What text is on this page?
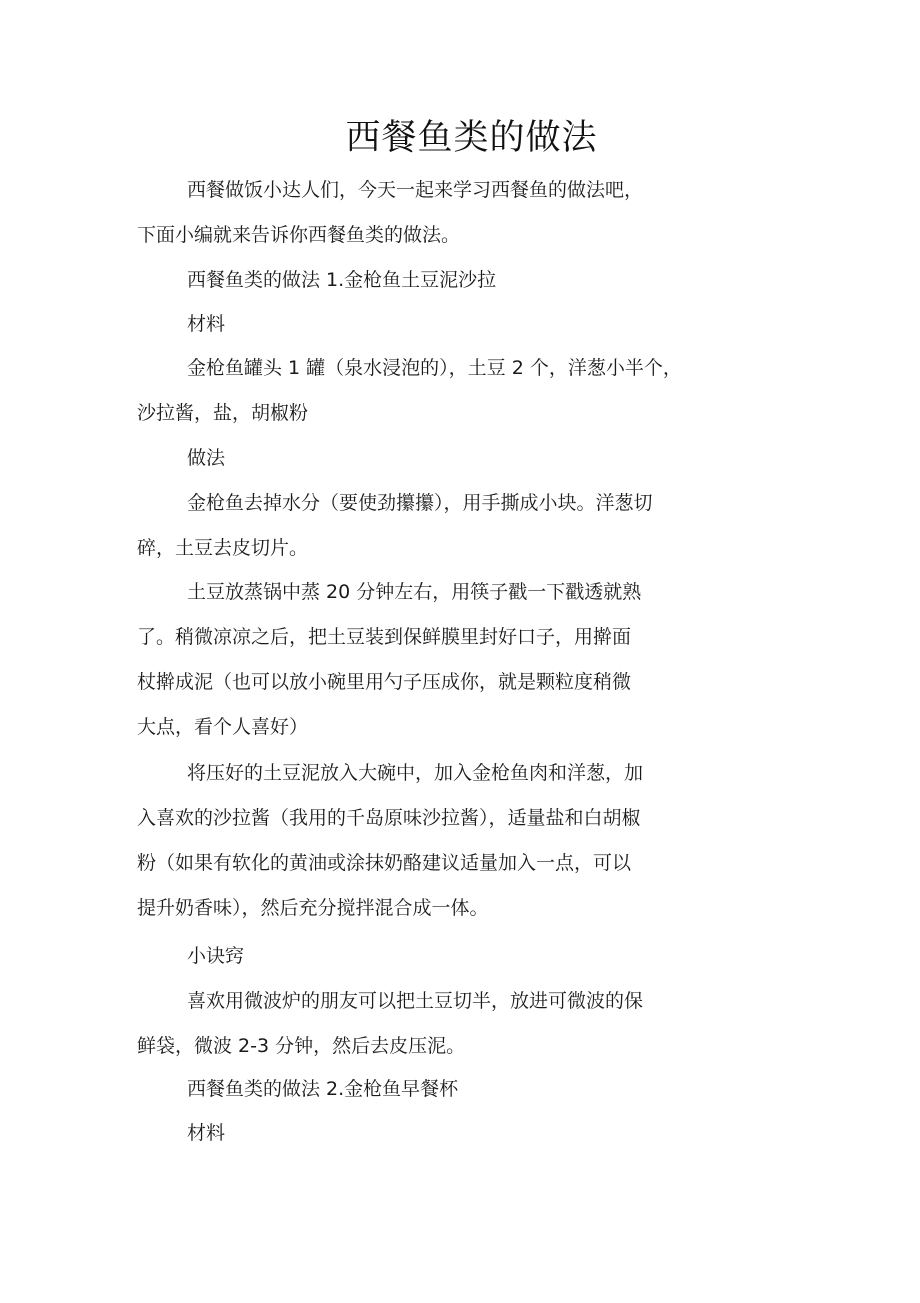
西餐鱼类的做法

西餐做饭小达人们，今天一起来学习西餐鱼的做法吧，
下面小编就来告诉你西餐鱼类的做法。

西餐鱼类的做法 1.金枪鱼土豆泥沙拉

材料

金枪鱼罐头 1 罐（泉水浸泡的），土豆 2 个，洋葱小半个，
沙拉酱，盐，胡椒粉

做法

金枪鱼去掉水分（要使劲攥攥），用手撕成小块。洋葱切
碎，土豆去皮切片。

土豆放蒸锅中蒸 20 分钟左右，用筷子戳一下戳透就熟
了。稍微凉凉之后，把土豆装到保鲜膜里封好口子，用擀面
杖擀成泥（也可以放小碗里用勺子压成你，就是颗粒度稍微
大点，看个人喜好）

将压好的土豆泥放入大碗中，加入金枪鱼肉和洋葱，加
入喜欢的沙拉酱（我用的千岛原味沙拉酱），适量盐和白胡椒
粉（如果有软化的黄油或涂抹奶酪建议适量加入一点，可以
提升奶香味），然后充分搅拌混合成一体。

小诀窍

喜欢用微波炉的朋友可以把土豆切半，放进可微波的保
鲜袋，微波 2-3 分钟，然后去皮压泥。

西餐鱼类的做法 2.金枪鱼早餐杯

材料
